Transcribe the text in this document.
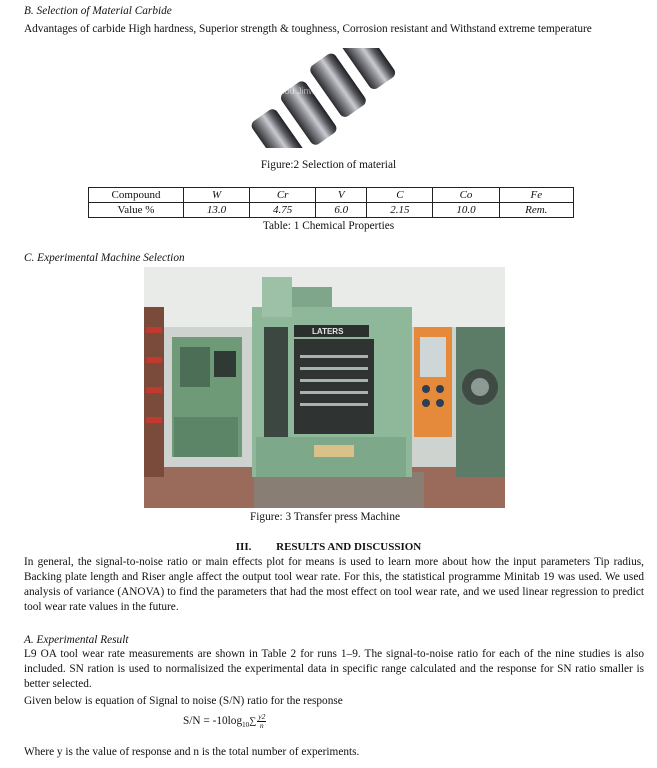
B. Selection of Material Carbide
Advantages of carbide High hardness, Superior strength & toughness, Corrosion resistant and Withstand extreme temperature
Xinzhou Jinwu
Figure:2 Selection of material
Compound	W	Cr	V	C	Co	Fe
Value %	13.0	4.75	6.0	2.15	10.0	Rem.
Table: 1 Chemical Properties
C. Experimental Machine Selection
LATERS
Figure: 3 Transfer press Machine
III.         RESULTS AND DISCUSSION
In general, the signal-to-noise ratio or main effects plot for means is used to learn more about how the input parameters Tip radius, Backing plate length and Riser angle affect the output tool wear rate. For this, the statistical programme Minitab 19 was used. We used analysis of variance (ANOVA) to find the parameters that had the most effect on tool wear rate, and we used linear regression to predict tool wear rate values in the future.
A. Experimental Result
L9 OA tool wear rate measurements are shown in Table 2 for runs 1–9. The signal-to-noise ratio for each of the nine studies is also included. SN ration is used to normalisized the experimental data in specific range calculated and the response for SN ratio smaller is better selected.
Given below is equation of Signal to noise (S/N) ratio for the response
$S/N = -10\log_{10}\sum \frac{y2}{n}$
Where y is the value of response and n is the total number of experiments.
